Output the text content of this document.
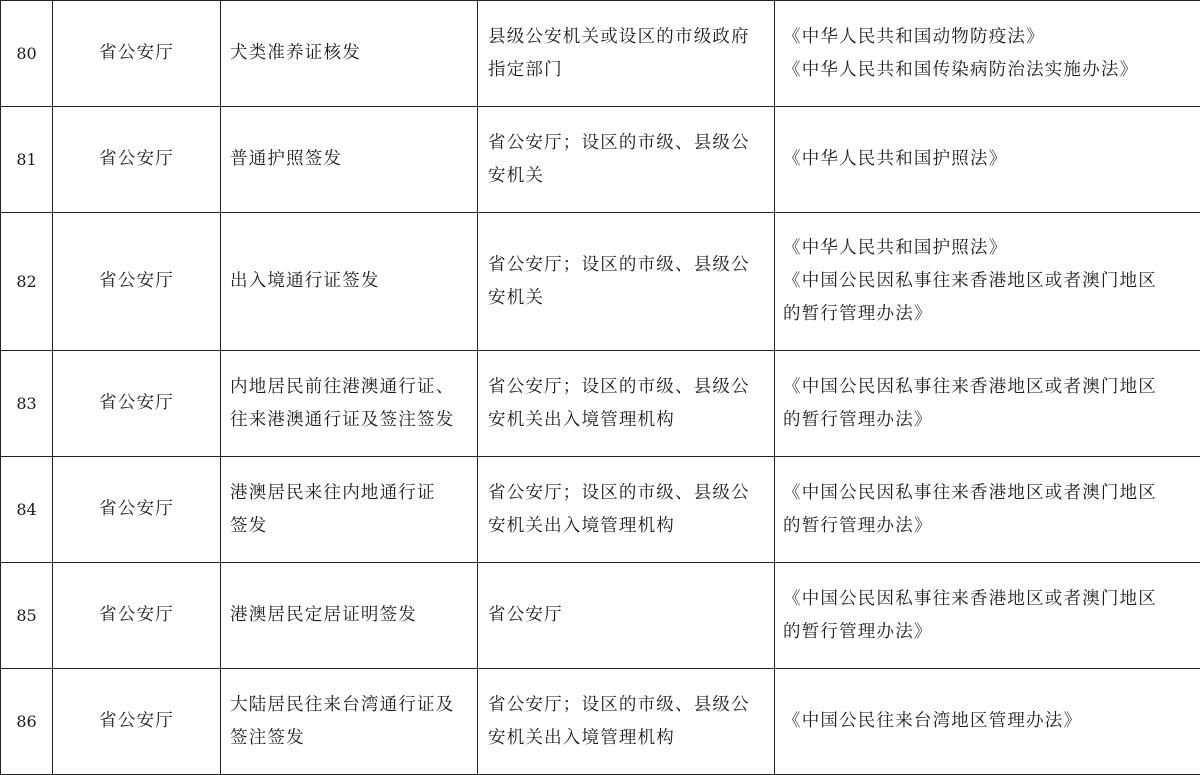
80	省公安厅	犬类准养证核发	县级公安机关或设区的市级政府
指定部门	《中华人民共和国动物防疫法》
《中华人民共和国传染病防治法实施办法》

81	省公安厅	普通护照签发	省公安厅；设区的市级、县级公
安机关	《中华人民共和国护照法》

82	省公安厅	出入境通行证签发	省公安厅；设区的市级、县级公
安机关	《中华人民共和国护照法》
《中国公民因私事往来香港地区或者澳门地区
的暂行管理办法》

83	省公安厅	内地居民前往港澳通行证、
往来港澳通行证及签注签发	省公安厅；设区的市级、县级公
安机关出入境管理机构	《中国公民因私事往来香港地区或者澳门地区
的暂行管理办法》

84	省公安厅	港澳居民来往内地通行证
签发	省公安厅；设区的市级、县级公
安机关出入境管理机构	《中国公民因私事往来香港地区或者澳门地区
的暂行管理办法》

85	省公安厅	港澳居民定居证明签发	省公安厅	《中国公民因私事往来香港地区或者澳门地区
的暂行管理办法》

86	省公安厅	大陆居民往来台湾通行证及
签注签发	省公安厅；设区的市级、县级公
安机关出入境管理机构	《中国公民往来台湾地区管理办法》
